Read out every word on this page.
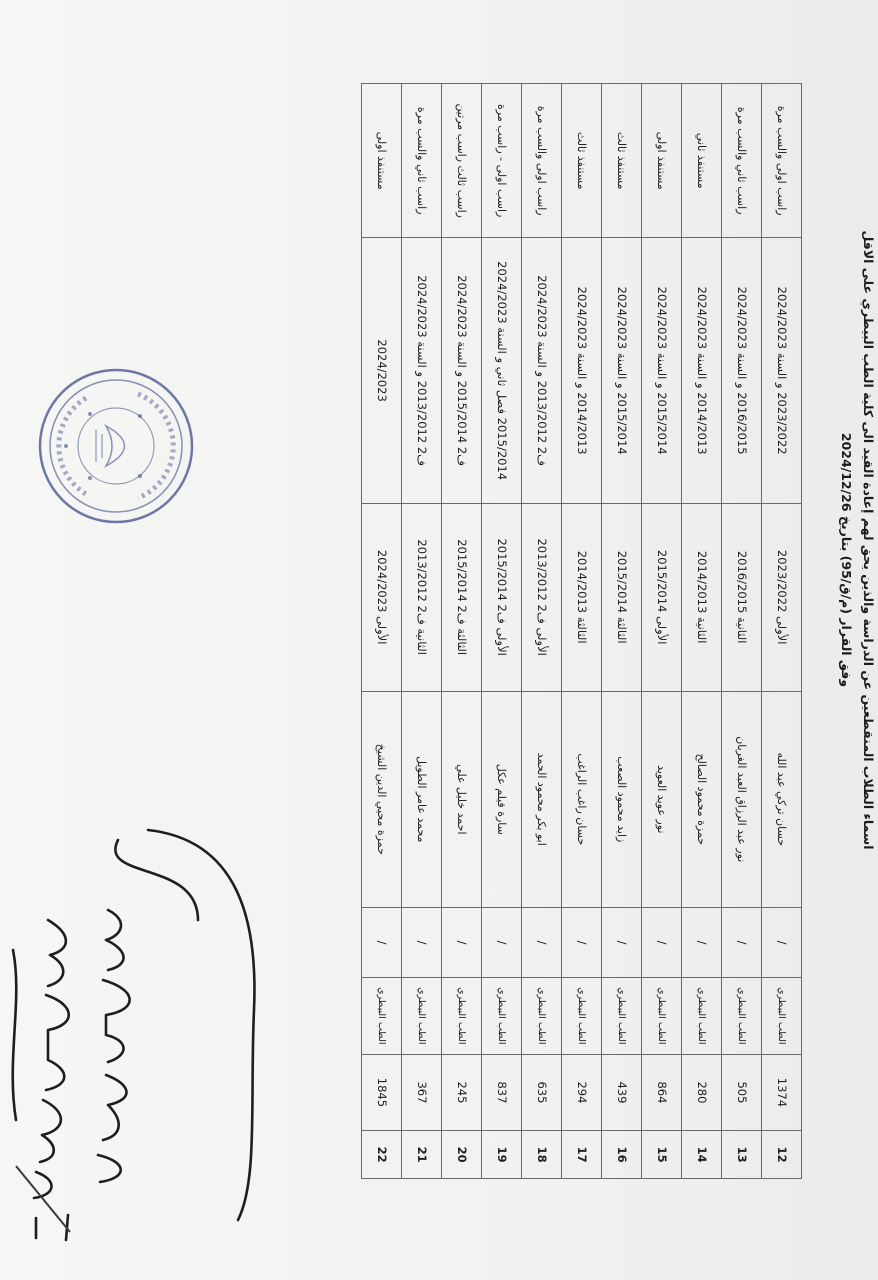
اسماء الطلاب المنقطعين عن الدراسة والذين يحق لهم إعادة القيد الى كلية الطب البيطري على الاقل
وفق القرار (م/ق/95) بتاريخ 2024/12/26
12	1374	الطب البيطري	/	حسان تركي عبد الله	الأولى 2023/2022	2023/2022 و السنة 2024/2023	راسب اولى والسب مرة
13	505	الطب البيطري	/	نور عبد الرزاق العبد الغربان	الثانية 2016/2015	2016/2015 و السنة 2024/2023	راسب ثاني والسب مرة
14	280	الطب البيطري	/	حمزة محمود الصالح	الثانية 2014/2013	2014/2013 و السنة 2024/2023	مستنفذ ثاني
15	864	الطب البيطري	/	نور عويد العويد	الأولى 2015/2014	2015/2014 و السنة 2024/2023	مستنفذ اولى
16	439	الطب البيطري	/	زايد محمود الصعب	الثالثة 2015/2014	2015/2014 و السنة 2024/2023	مستنفذ ثالث
17	294	الطب البيطري	/	حسان راغب الراغب	الثالثة 2014/2013	2014/2013 و السنة 2024/2023	مستنفذ ثالث
18	635	الطب البيطري	/	ابو بكر محمود الحمد	الأولى ف2 2013/2012	ف2 2013/2012 و السنة 2024/2023	راسب اولى والسب مرة
19	837	الطب البيطري	/	سارة فيلم عكل	الأولى ف2 2015/2014	2015/2014 فصل ثاني و السنة 2024/2023	راسب اولى - راسب مرة
20	245	الطب البيطري	/	احمد خليل علي	الثالثة ف2 2015/2014	ف2 2015/2014 و السنة 2024/2023	راسب ثالث راسب مرتين
21	367	الطب البيطري	/	محمد عامر الطويل	الثانية ف2 2013/2012	ف2 2013/2012 و السنة 2024/2023	راسب ثاني والسب مرة
22	1845	الطب البيطري	/	حمزة محيي الدين الشيخ	الأولى 2024/2023	2024/2023	مستنفذ اولى
